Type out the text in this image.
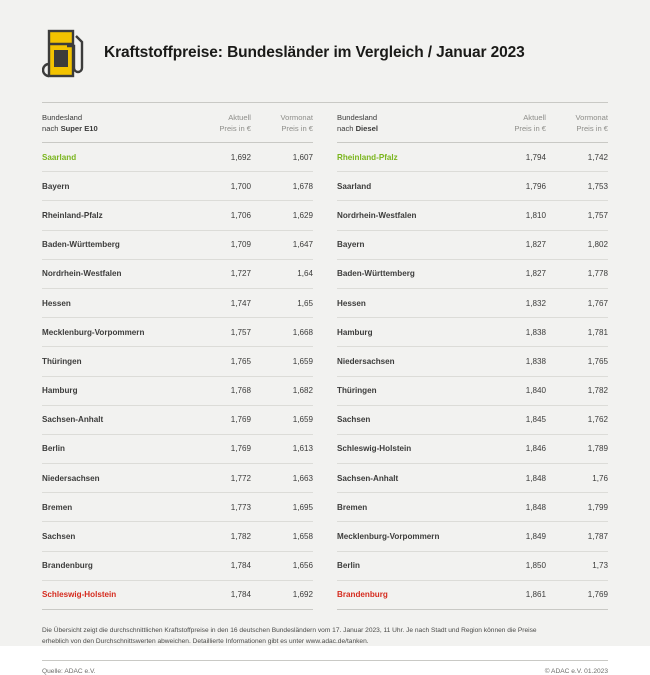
Kraftstoffpreise: Bundesländer im Vergleich / Januar 2023
Bundesland
nach Super E10
Aktuell
Preis in €
Vormonat
Preis in €
Saarland	1,692	1,607
Bayern	1,700	1,678
Rheinland-Pfalz	1,706	1,629
Baden-Württemberg	1,709	1,647
Nordrhein-Westfalen	1,727	1,64
Hessen	1,747	1,65
Mecklenburg-Vorpommern	1,757	1,668
Thüringen	1,765	1,659
Hamburg	1,768	1,682
Sachsen-Anhalt	1,769	1,659
Berlin	1,769	1,613
Niedersachsen	1,772	1,663
Bremen	1,773	1,695
Sachsen	1,782	1,658
Brandenburg	1,784	1,656
Schleswig-Holstein	1,784	1,692
Bundesland
nach Diesel
Aktuell
Preis in €
Vormonat
Preis in €
Rheinland-Pfalz	1,794	1,742
Saarland	1,796	1,753
Nordrhein-Westfalen	1,810	1,757
Bayern	1,827	1,802
Baden-Württemberg	1,827	1,778
Hessen	1,832	1,767
Hamburg	1,838	1,781
Niedersachsen	1,838	1,765
Thüringen	1,840	1,782
Sachsen	1,845	1,762
Schleswig-Holstein	1,846	1,789
Sachsen-Anhalt	1,848	1,76
Bremen	1,848	1,799
Mecklenburg-Vorpommern	1,849	1,787
Berlin	1,850	1,73
Brandenburg	1,861	1,769
Die Übersicht zeigt die durchschnittlichen Kraftstoffpreise in den 16 deutschen Bundesländern vom 17. Januar 2023, 11 Uhr. Je nach Stadt und Region können die Preise erheblich von den Durchschnittswerten abweichen. Detaillierte Informationen gibt es unter www.adac.de/tanken.
Quelle: ADAC e.V.	© ADAC e.V. 01.2023
